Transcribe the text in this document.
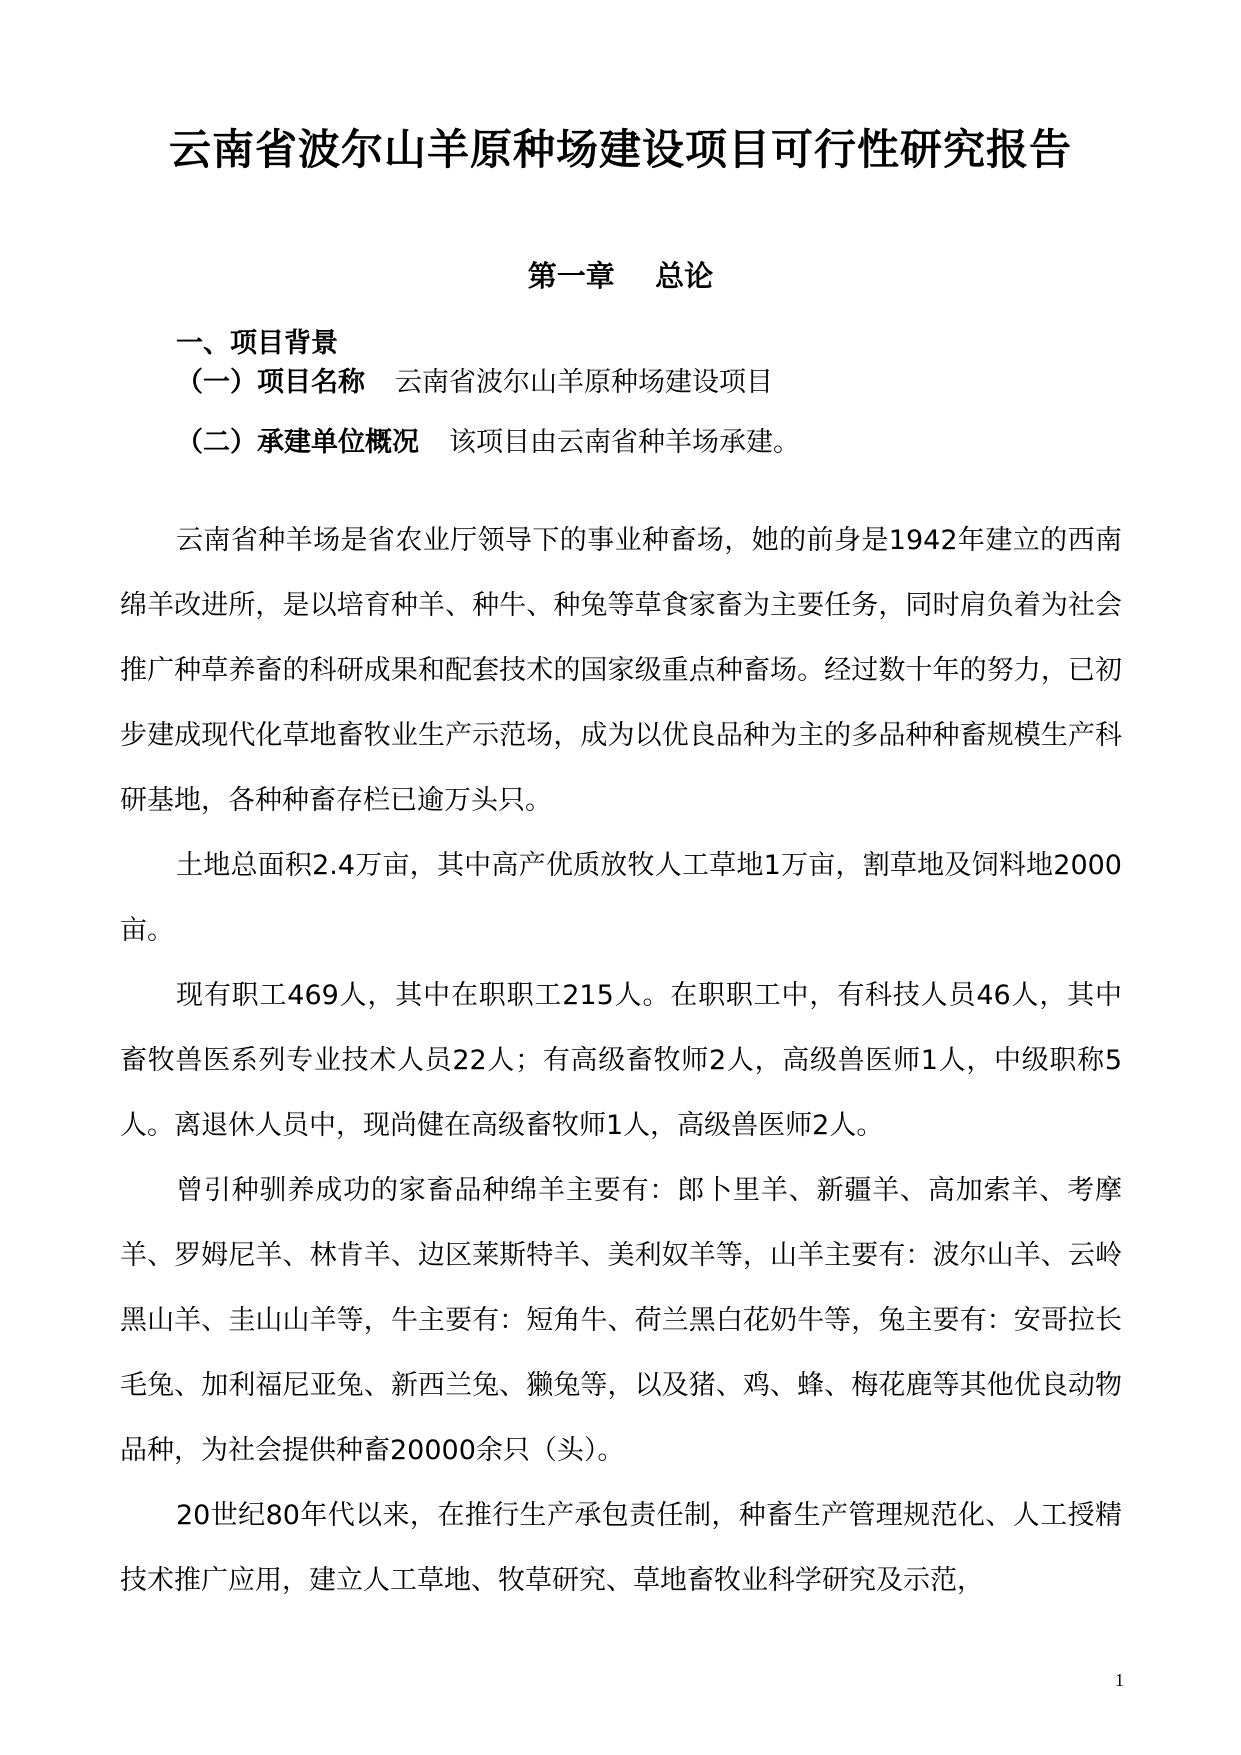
云南省波尔山羊原种场建设项目可行性研究报告
第一章    总论
一、项目背景
（一）项目名称 云南省波尔山羊原种场建设项目
（二）承建单位概况 该项目由云南省种羊场承建。

云南省种羊场是省农业厅领导下的事业种畜场，她的前身是1942年建立的西南绵羊改进所，是以培育种羊、种牛、种兔等草食家畜为主要任务，同时肩负着为社会推广种草养畜的科研成果和配套技术的国家级重点种畜场。经过数十年的努力，已初步建成现代化草地畜牧业生产示范场，成为以优良品种为主的多品种种畜规模生产科研基地，各种种畜存栏已逾万头只。

土地总面积2.4万亩，其中高产优质放牧人工草地1万亩，割草地及饲料地2000亩。

现有职工469人，其中在职职工215人。在职职工中，有科技人员46人，其中畜牧兽医系列专业技术人员22人；有高级畜牧师2人，高级兽医师1人，中级职称5人。离退休人员中，现尚健在高级畜牧师1人，高级兽医师2人。

曾引种驯养成功的家畜品种绵羊主要有：郎卜里羊、新疆羊、高加索羊、考摩羊、罗姆尼羊、林肯羊、边区莱斯特羊、美利奴羊等，山羊主要有：波尔山羊、云岭黑山羊、圭山山羊等，牛主要有：短角牛、荷兰黑白花奶牛等，兔主要有：安哥拉长毛兔、加利福尼亚兔、新西兰兔、獭兔等，以及猪、鸡、蜂、梅花鹿等其他优良动物品种，为社会提供种畜20000余只（头）。

20世纪80年代以来，在推行生产承包责任制，种畜生产管理规范化、人工授精技术推广应用，建立人工草地、牧草研究、草地畜牧业科学研究及示范，

1
